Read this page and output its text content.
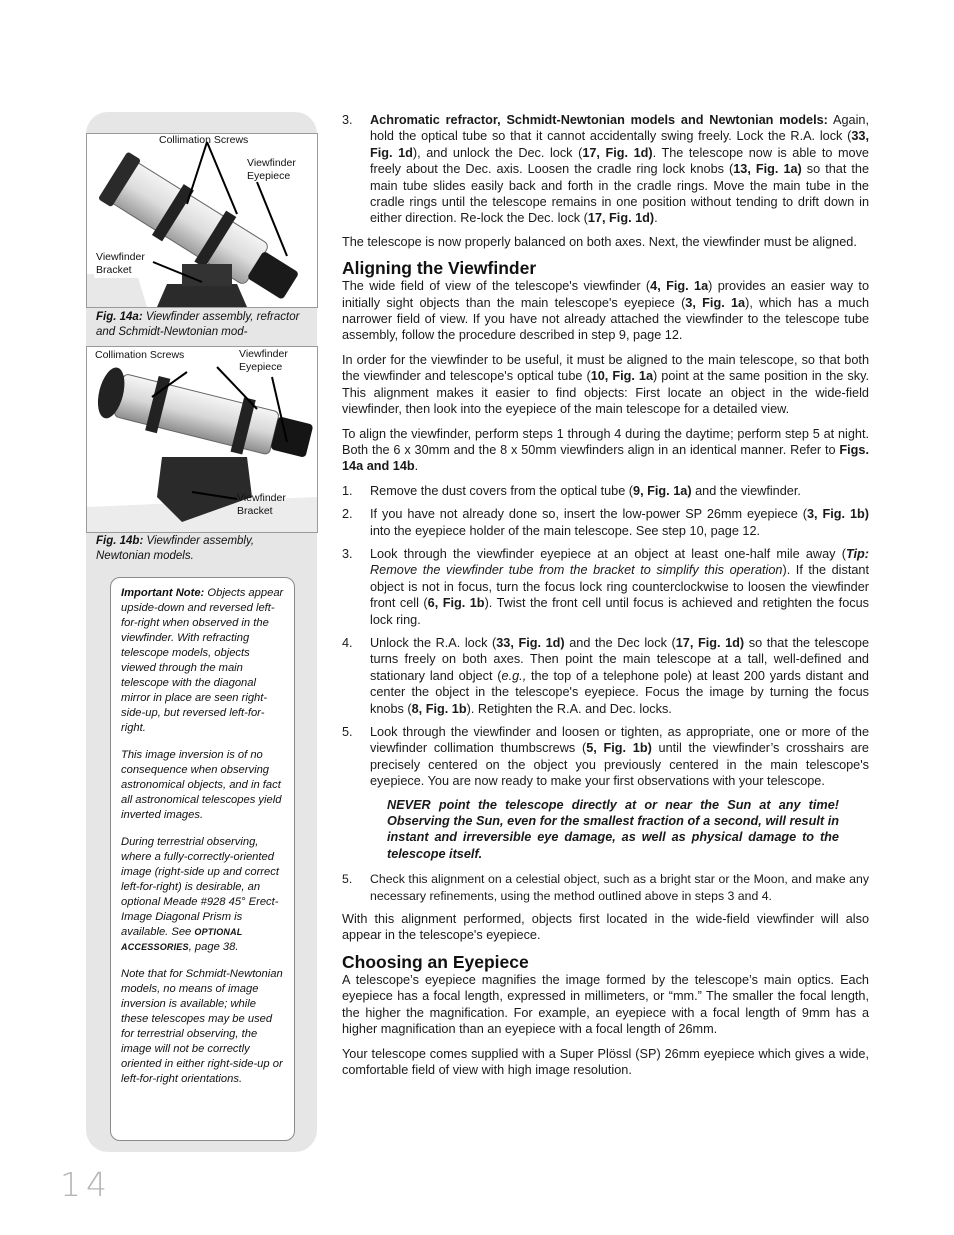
Collimation Screws
Viewfinder
Eyepiece
Viewfinder
Bracket
Fig. 14a: Viewfinder assembly, refractor and Schmidt-Newtonian mod-
Collimation Screws	Viewfinder
Eyepiece
Viewfinder
Bracket
Fig. 14b: Viewfinder assembly, Newtonian models.

Important Note: Objects appear upside-down and reversed left-for-right when observed in the viewfinder. With refracting telescope models, objects viewed through the main telescope with the diagonal mirror in place are seen right-side-up, but reversed left-for-right.

This image inversion is of no consequence when observing astronomical objects, and in fact all astronomical telescopes yield inverted images.

During terrestrial observing, where a fully-correctly-oriented image (right-side up and correct left-for-right) is desirable, an optional Meade #928 45° Erect-Image Diagonal Prism is available. See OPTIONAL ACCESSORIES, page 38.

Note that for Schmidt-Newtonian models, no means of image inversion is available; while these telescopes may be used for terrestrial observing, the image will not be correctly oriented in either right-side-up or left-for-right orientations.

3. Achromatic refractor, Schmidt-Newtonian models and Newtonian models: Again, hold the optical tube so that it cannot accidentally swing freely. Lock the R.A. lock (33, Fig. 1d), and unlock the Dec. lock (17, Fig. 1d). The telescope now is able to move freely about the Dec. axis. Loosen the cradle ring lock knobs (13, Fig. 1a) so that the main tube slides easily back and forth in the cradle rings. Move the main tube in the cradle rings until the telescope remains in one position without tending to drift down in either direction. Re-lock the Dec. lock (17, Fig. 1d).

The telescope is now properly balanced on both axes. Next, the viewfinder must be aligned.

Aligning the Viewfinder

The wide field of view of the telescope's viewfinder (4, Fig. 1a) provides an easier way to initially sight objects than the main telescope's eyepiece (3, Fig. 1a), which has a much narrower field of view. If you have not already attached the viewfinder to the telescope tube assembly, follow the procedure described in step 9, page 12.

In order for the viewfinder to be useful, it must be aligned to the main telescope, so that both the viewfinder and telescope's optical tube (10, Fig. 1a) point at the same position in the sky. This alignment makes it easier to find objects: First locate an object in the wide-field viewfinder, then look into the eyepiece of the main telescope for a detailed view.

To align the viewfinder, perform steps 1 through 4 during the daytime; perform step 5 at night. Both the 6 x 30mm and the 8 x 50mm viewfinders align in an identical manner. Refer to Figs. 14a and 14b.

1. Remove the dust covers from the optical tube (9, Fig. 1a) and the viewfinder.
2. If you have not already done so, insert the low-power SP 26mm eyepiece (3, Fig. 1b) into the eyepiece holder of the main telescope. See step 10, page 12.
3. Look through the viewfinder eyepiece at an object at least one-half mile away (Tip: Remove the viewfinder tube from the bracket to simplify this operation). If the distant object is not in focus, turn the focus lock ring counterclockwise to loosen the viewfinder front cell (6, Fig. 1b). Twist the front cell until focus is achieved and retighten the focus lock ring.
4. Unlock the R.A. lock (33, Fig. 1d) and the Dec lock (17, Fig. 1d) so that the telescope turns freely on both axes. Then point the main telescope at a tall, well-defined and stationary land object (e.g., the top of a telephone pole) at least 200 yards distant and center the object in the telescope's eyepiece. Focus the image by turning the focus knobs (8, Fig. 1b). Retighten the R.A. and Dec. locks.
5. Look through the viewfinder and loosen or tighten, as appropriate, one or more of the viewfinder collimation thumbscrews (5, Fig. 1b) until the viewfinder’s crosshairs are precisely centered on the object you previously centered in the main telescope's eyepiece. You are now ready to make your first observations with your telescope.
NEVER point the telescope directly at or near the Sun at any time! Observing the Sun, even for the smallest fraction of a second, will result in instant and irreversible eye damage, as well as physical damage to the telescope itself.
5. Check this alignment on a celestial object, such as a bright star or the Moon, and make any necessary refinements, using the method outlined above in steps 3 and 4.

With this alignment performed, objects first located in the wide-field viewfinder will also appear in the telescope's eyepiece.

Choosing an Eyepiece

A telescope’s eyepiece magnifies the image formed by the telescope’s main optics. Each eyepiece has a focal length, expressed in millimeters, or “mm.” The smaller the focal length, the higher the magnification. For example, an eyepiece with a focal length of 9mm has a higher magnification than an eyepiece with a focal length of 26mm.

Your telescope comes supplied with a Super Plössl (SP) 26mm eyepiece which gives a wide, comfortable field of view with high image resolution.

14
